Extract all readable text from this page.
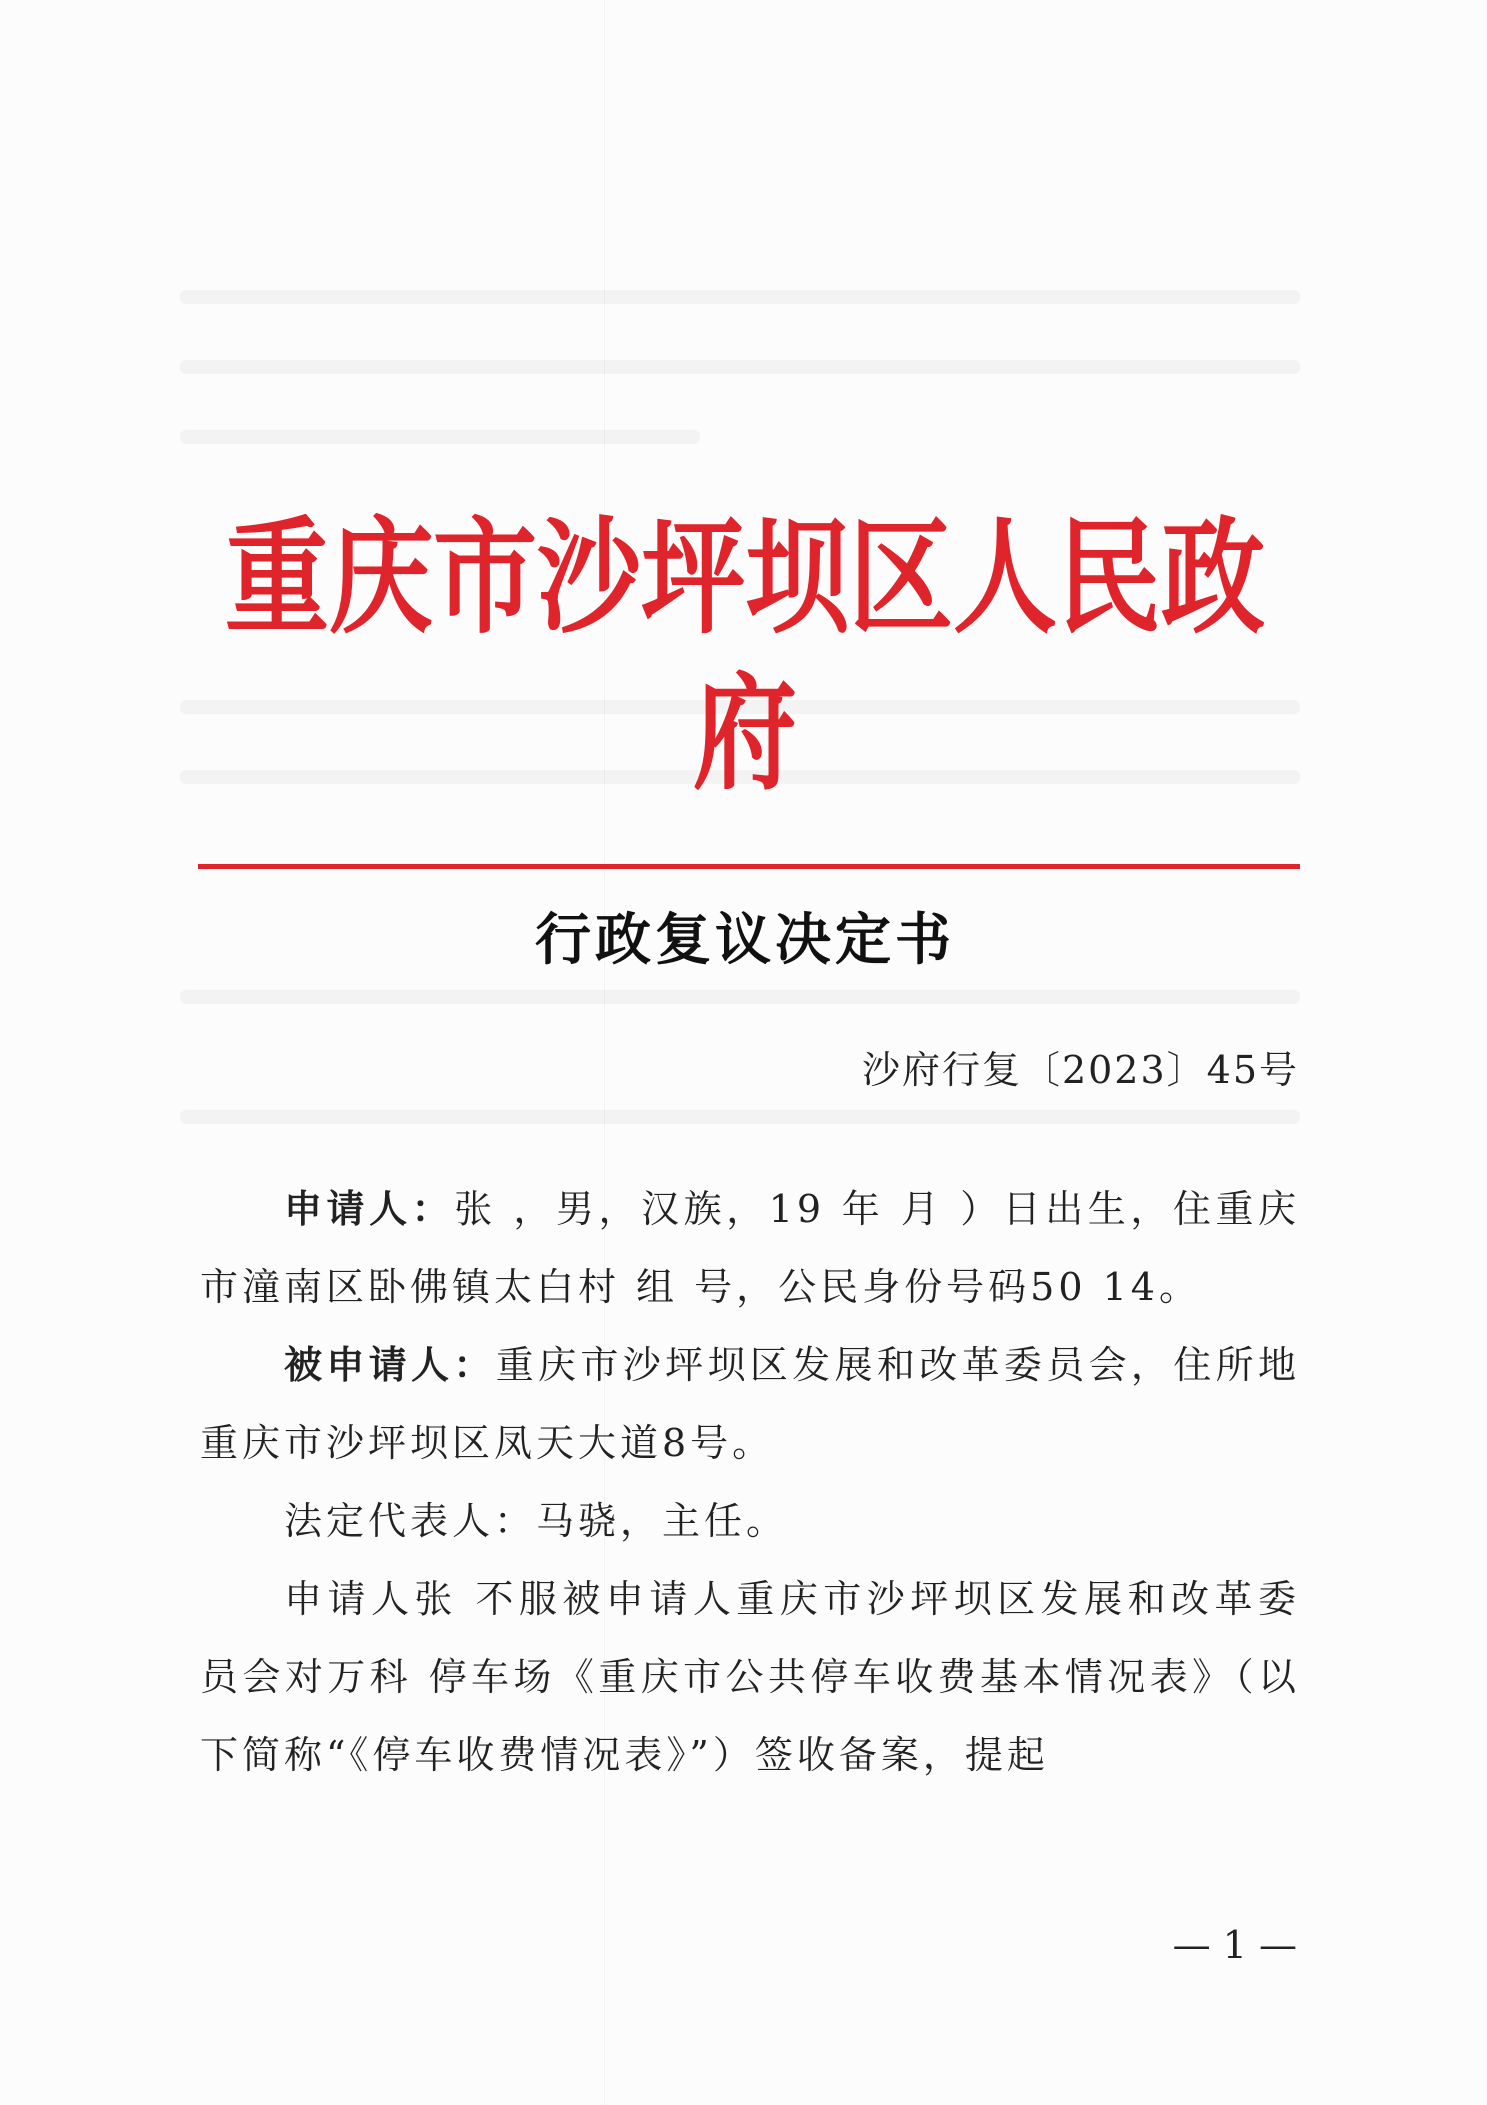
重庆市沙坪坝区人民政府
行政复议决定书
沙府行复〔2023〕45号

申请人：张 ，男，汉族，19 年 月 ）日出生，住重庆市潼南区卧佛镇太白村 组 号，公民身份号码50 14。

被申请人：重庆市沙坪坝区发展和改革委员会，住所地重庆市沙坪坝区凤天大道8号。

法定代表人：马骁，主任。

申请人张 不服被申请人重庆市沙坪坝区发展和改革委员会对万科 停车场《重庆市公共停车收费基本情况表》（以下简称“《停车收费情况表》”）签收备案，提起

— 1 —
